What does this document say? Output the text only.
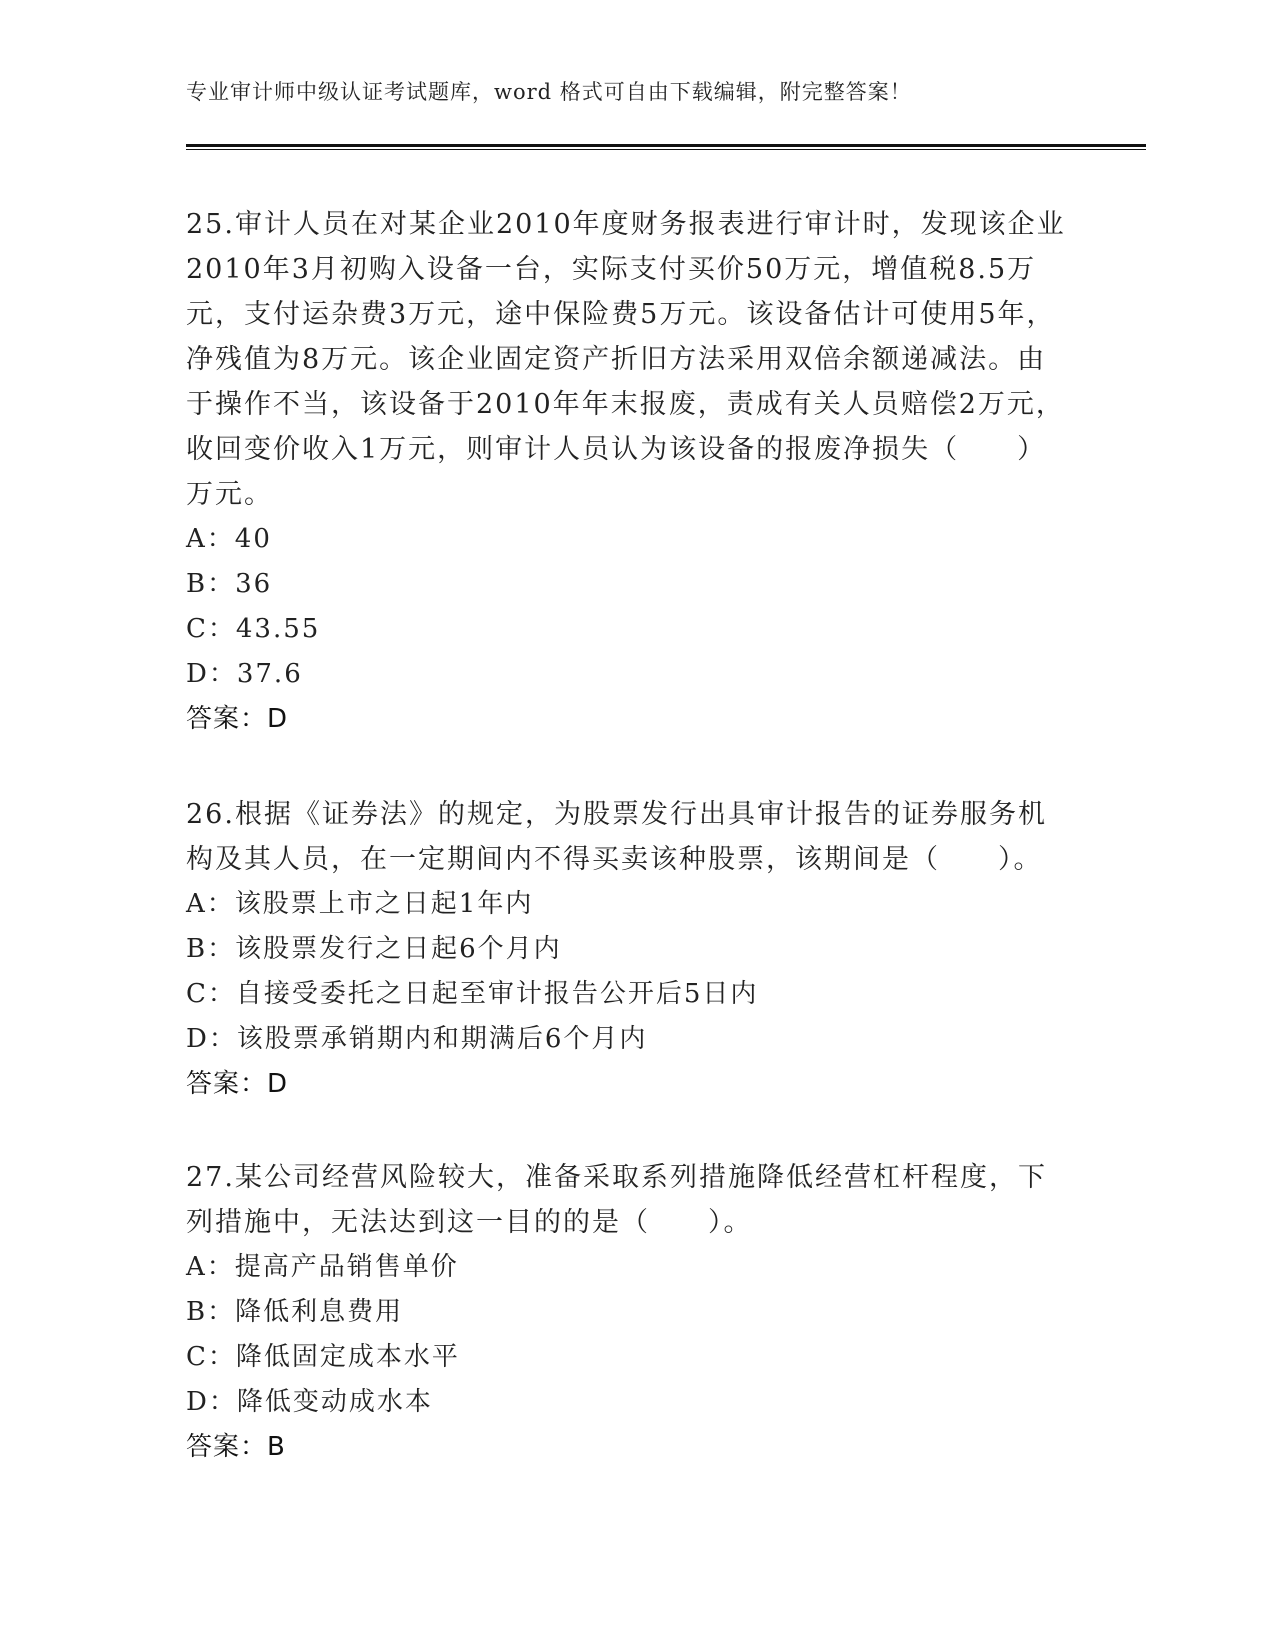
专业审计师中级认证考试题库，word 格式可自由下载编辑，附完整答案！

25.审计人员在对某企业2010年度财务报表进行审计时，发现该企业2010年3月初购入设备一台，实际支付买价50万元，增值税8.5万元，支付运杂费3万元，途中保险费5万元。该设备估计可使用5年，净残值为8万元。该企业固定资产折旧方法采用双倍余额递减法。由于操作不当，该设备于2010年年末报废，责成有关人员赔偿2万元，收回变价收入1万元，则审计人员认为该设备的报废净损失（　　）万元。

A：40

B：36

C：43.55

D：37.6

答案：D

26.根据《证券法》的规定，为股票发行出具审计报告的证券服务机构及其人员，在一定期间内不得买卖该种股票，该期间是（　　）。

A：该股票上市之日起1年内

B：该股票发行之日起6个月内

C：自接受委托之日起至审计报告公开后5日内

D：该股票承销期内和期满后6个月内

答案：D

27.某公司经营风险较大，准备采取系列措施降低经营杠杆程度，下列措施中，无法达到这一目的的是（　　）。

A：提高产品销售单价

B：降低利息费用

C：降低固定成本水平

D：降低变动成水本

答案：B
